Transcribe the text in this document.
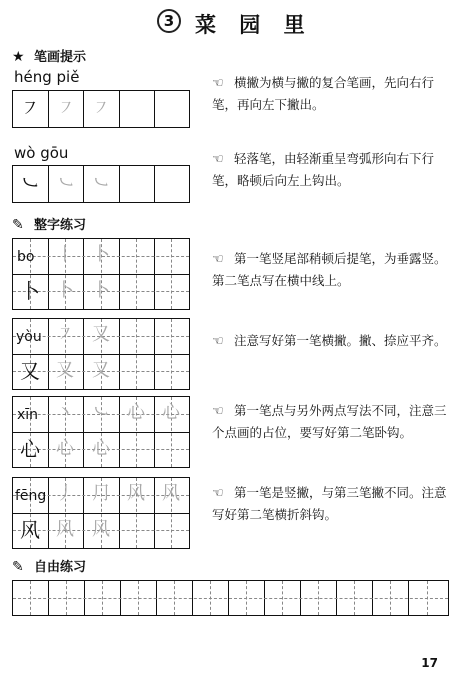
3 菜 园 里
★ 笔画提示
héng piě
㇇ ㇇ ㇇
☜ 横撇为横与撇的复合笔画，先向右行笔，再向左下撇出。
wò gōu
㇃ ㇃ ㇃
☜ 轻落笔，由轻渐重呈弯弧形向右下行笔，略顿后向左上钩出。
✎ 整字练习
bo 丨 卜
卜 卜 卜
☜ 第一笔竖尾部稍顿后提笔，为垂露竖。第二笔点写在横中线上。
yòu ㇇ 又
又 又 又
☜ 注意写好第一笔横撇。撇、捺应平齐。
xīn 丶 ㇃ 心 心
心 心 心
☜ 第一笔点与另外两点写法不同，注意三个点画的占位，要写好第二笔卧钩。
fēng 丿 ⺆ 风 风
风 风 风
☜ 第一笔是竖撇，与第三笔撇不同。注意写好第二笔横折斜钩。
✎ 自由练习
17
